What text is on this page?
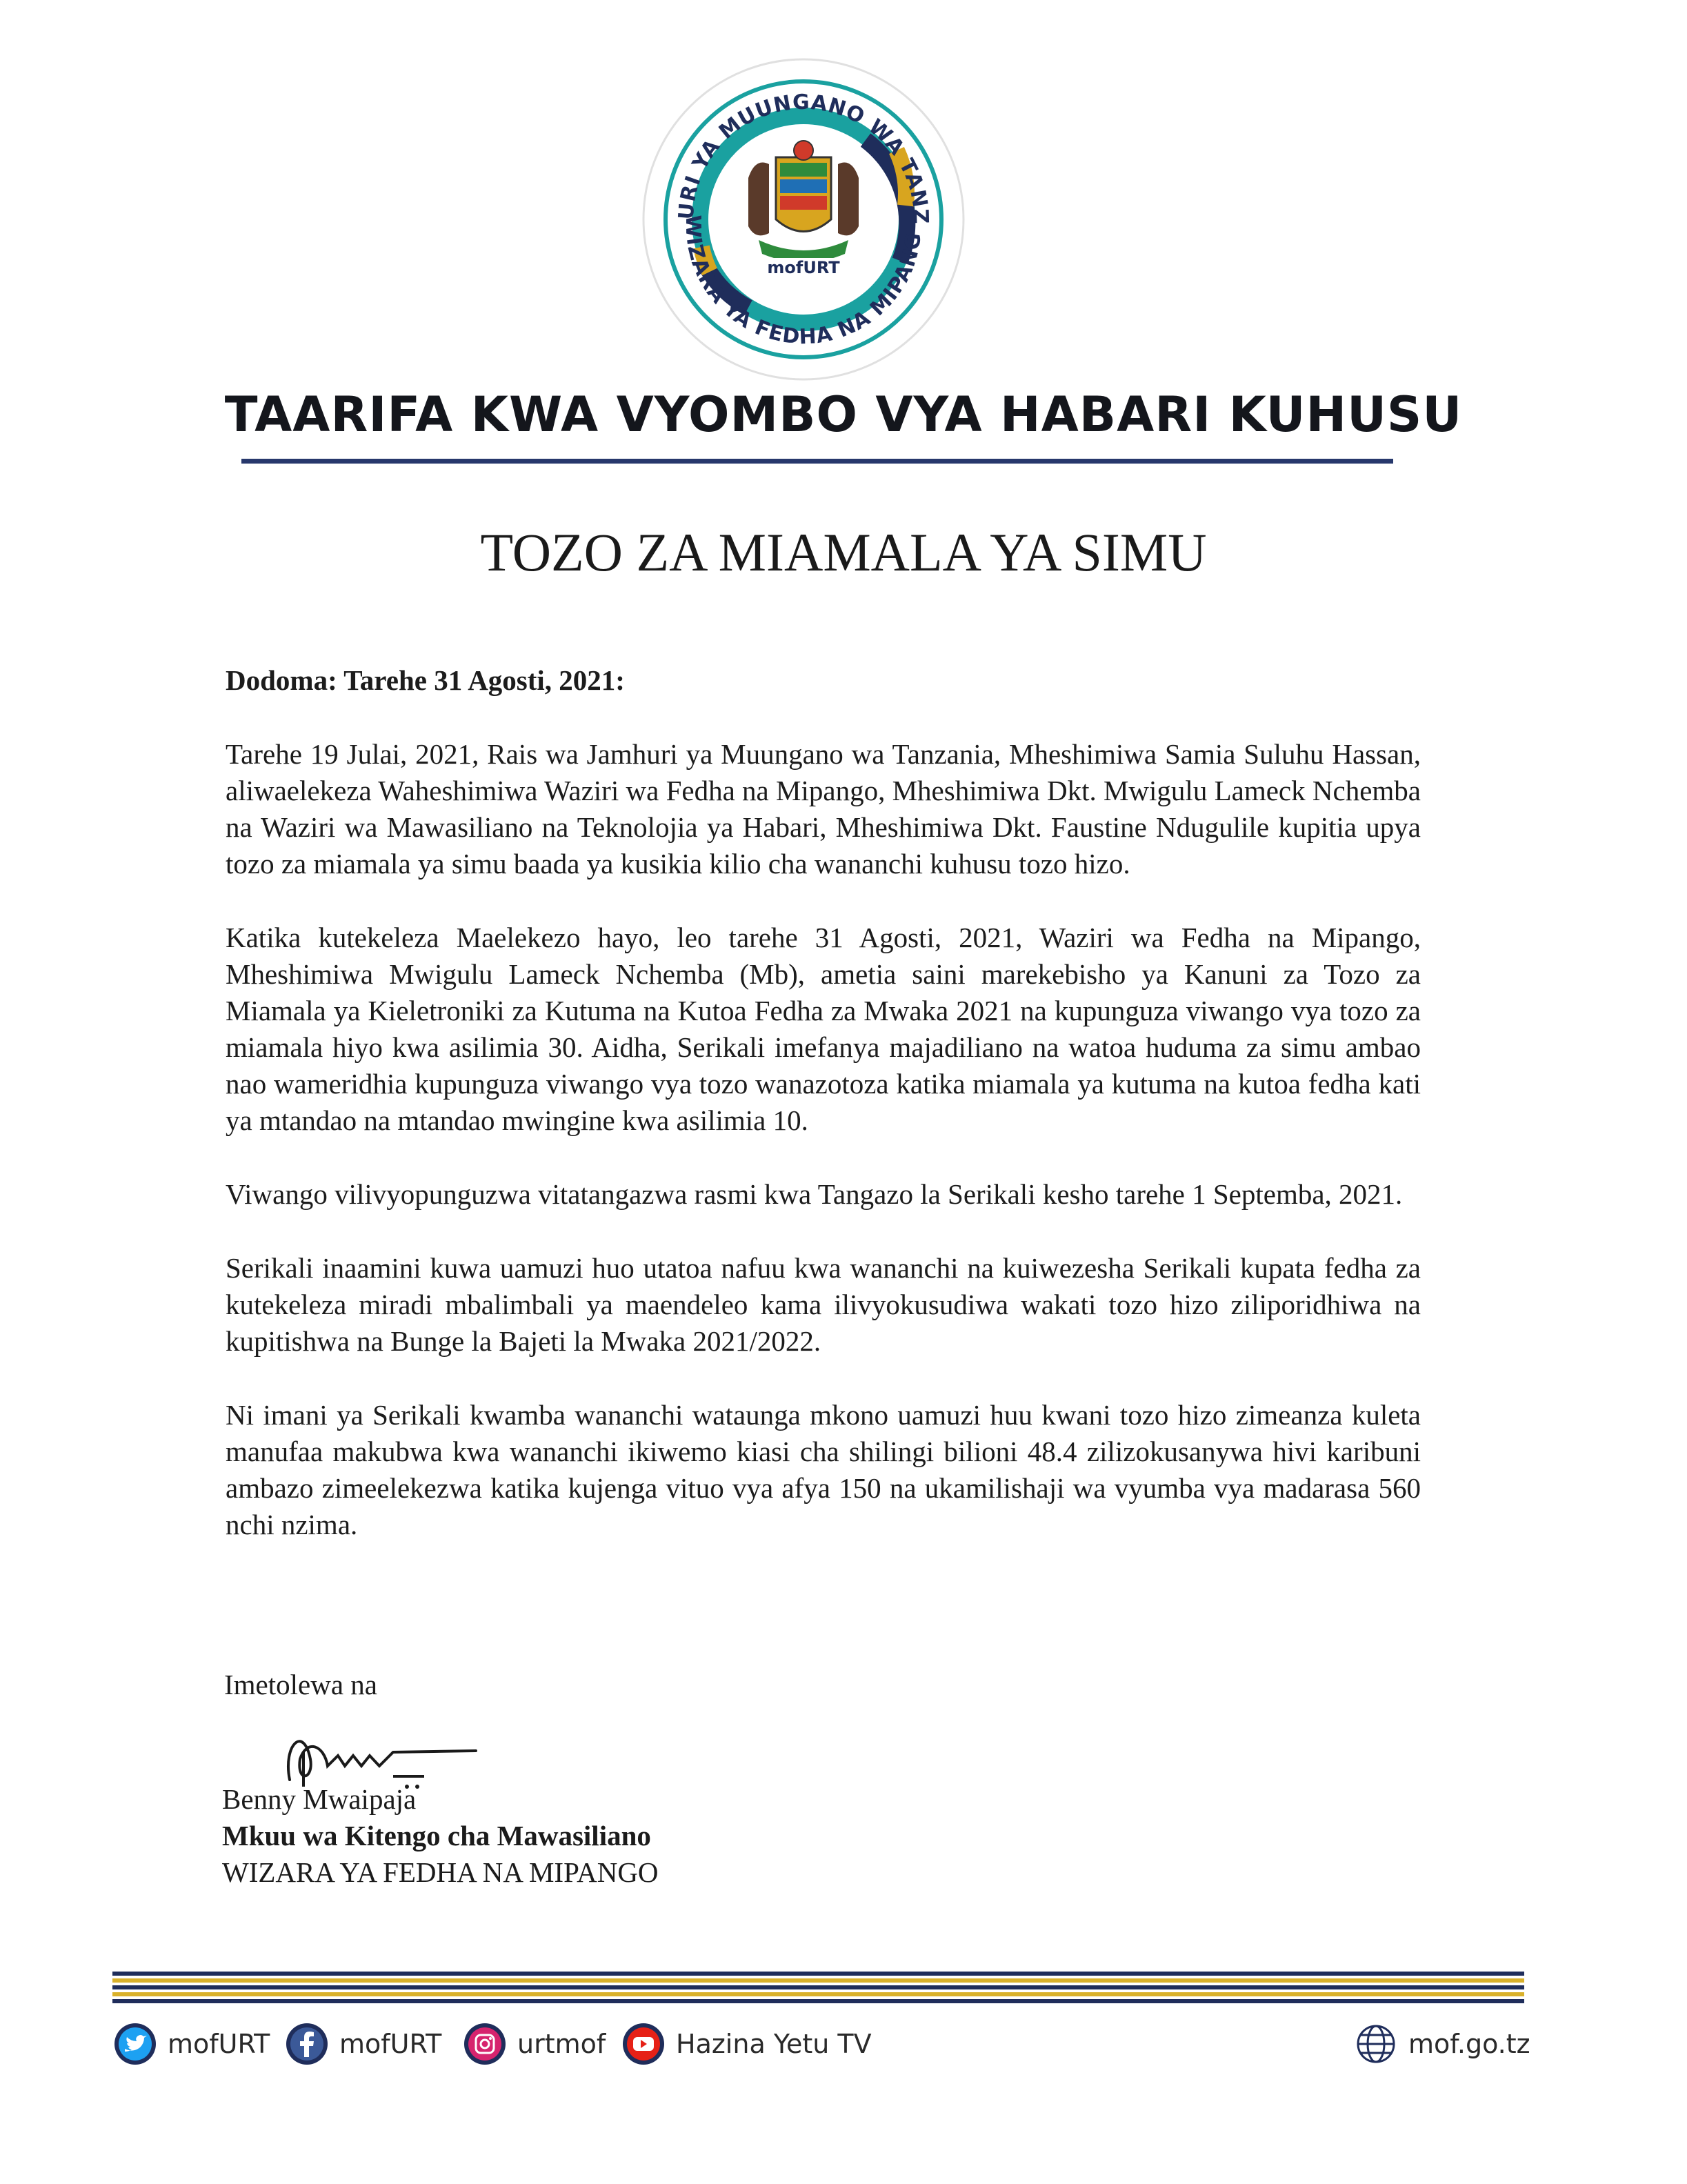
URI YA MUUNGANO WA TANZ
WIZARA YA FEDHA NA MIPANG
mofURT
TAARIFA KWA VYOMBO VYA HABARI KUHUSU
TOZO ZA MIAMALA YA SIMU

Dodoma: Tarehe 31 Agosti, 2021:

Tarehe 19 Julai, 2021, Rais wa Jamhuri ya Muungano wa Tanzania, Mheshimiwa Samia Suluhu Hassan, aliwaelekeza Waheshimiwa Waziri wa Fedha na Mipango, Mheshimiwa Dkt. Mwigulu Lameck Nchemba na Waziri wa Mawasiliano na Teknolojia ya Habari, Mheshimiwa Dkt. Faustine Ndugulile kupitia upya tozo za miamala ya simu baada ya kusikia kilio cha wananchi kuhusu tozo hizo.

Katika kutekeleza Maelekezo hayo, leo tarehe 31 Agosti, 2021, Waziri wa Fedha na Mipango, Mheshimiwa Mwigulu Lameck Nchemba (Mb), ametia saini marekebisho ya Kanuni za Tozo za Miamala ya Kieletroniki za Kutuma na Kutoa Fedha za Mwaka 2021 na kupunguza viwango vya tozo za miamala hiyo kwa asilimia 30. Aidha, Serikali imefanya majadiliano na watoa huduma za simu ambao nao wameridhia kupunguza viwango vya tozo wanazotoza katika miamala ya kutuma na kutoa fedha kati ya mtandao na mtandao mwingine kwa asilimia 10.

Viwango vilivyopunguzwa vitatangazwa rasmi kwa Tangazo la Serikali kesho tarehe 1 Septemba, 2021.

Serikali inaamini kuwa uamuzi huo utatoa nafuu kwa wananchi na kuiwezesha Serikali kupata fedha za kutekeleza miradi mbalimbali ya maendeleo kama ilivyokusudiwa wakati tozo hizo ziliporidhiwa na kupitishwa na Bunge la Bajeti la Mwaka 2021/2022.

Ni imani ya Serikali kwamba wananchi wataunga mkono uamuzi huu kwani tozo hizo zimeanza kuleta manufaa makubwa kwa wananchi ikiwemo kiasi cha shilingi bilioni 48.4 zilizokusanywa hivi karibuni ambazo zimeelekezwa katika kujenga vituo vya afya 150 na ukamilishaji wa vyumba vya madarasa 560 nchi nzima.

Imetolewa na
Benny Mwaipaja
Mkuu wa Kitengo cha Mawasiliano
WIZARA YA FEDHA NA MIPANGO
mofURT	mofURT	urtmof	Hazina Yetu TV	mof.go.tz
